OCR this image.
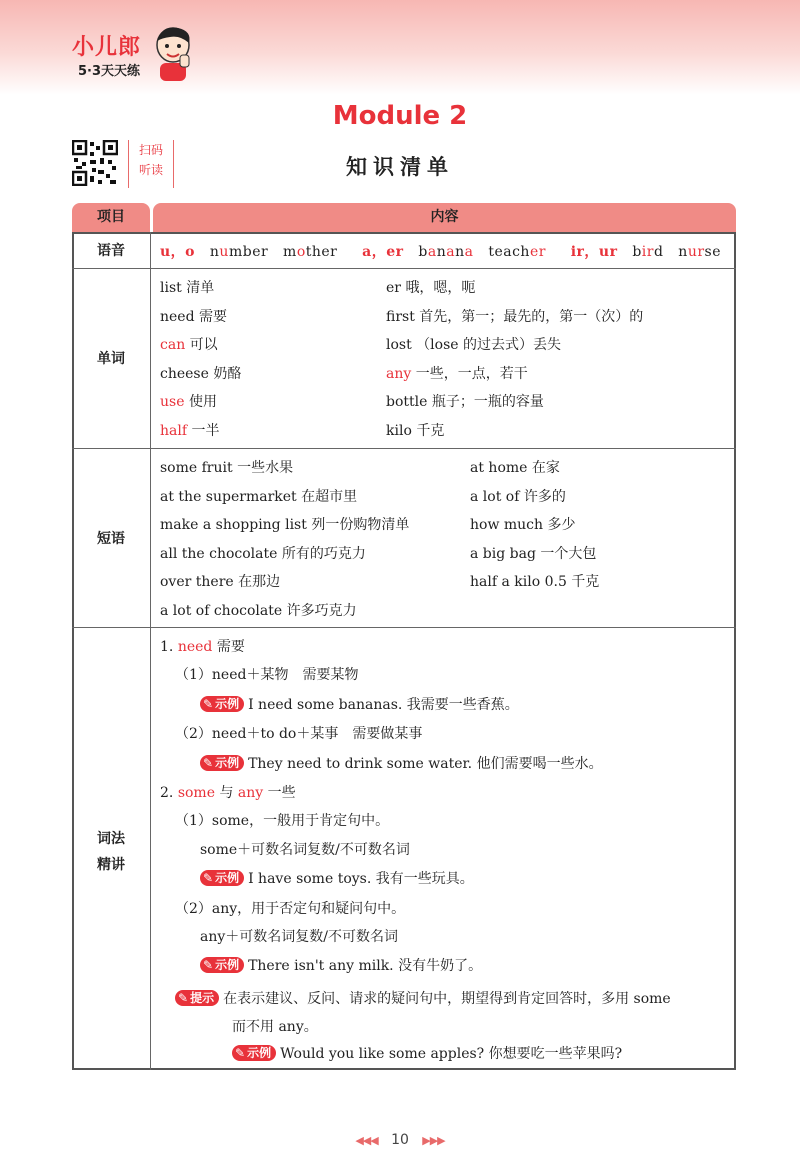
小儿郎
5·3天天练
Module 2
知识清单
扫码
听读
项目	内容
语音	u，o number mother a，er banana teacher ir，ur bird nurse
单词
list 清单
need 需要
can 可以
cheese 奶酪
use 使用
half 一半
er 哦，嗯，呃
first 首先，第一；最先的，第一（次）的
lost （lose 的过去式）丢失
any 一些，一点，若干
bottle 瓶子；一瓶的容量
kilo 千克
短语
some fruit 一些水果
at the supermarket 在超市里
make a shopping list 列一份购物清单
all the chocolate 所有的巧克力
over there 在那边
a lot of chocolate 许多巧克力
at home 在家
a lot of 许多的
how much 多少
a big bag 一个大包
half a kilo 0.5 千克
词法
精讲
1. need 需要
（1）need＋某物　需要某物
✎ 示例 I need some bananas. 我需要一些香蕉。
（2）need＋to do＋某事　需要做某事
✎ 示例 They need to drink some water. 他们需要喝一些水。
2. some 与 any 一些
（1）some，一般用于肯定句中。
some＋可数名词复数/不可数名词
✎ 示例 I have some toys. 我有一些玩具。
（2）any，用于否定句和疑问句中。
any＋可数名词复数/不可数名词
✎ 示例 There isn't any milk. 没有牛奶了。
✎ 提示 在表示建议、反问、请求的疑问句中，期望得到肯定回答时，多用 some
而不用 any。
✎ 示例 Would you like some apples? 你想要吃一些苹果吗?
◀◀◀ 10 ▶▶▶
